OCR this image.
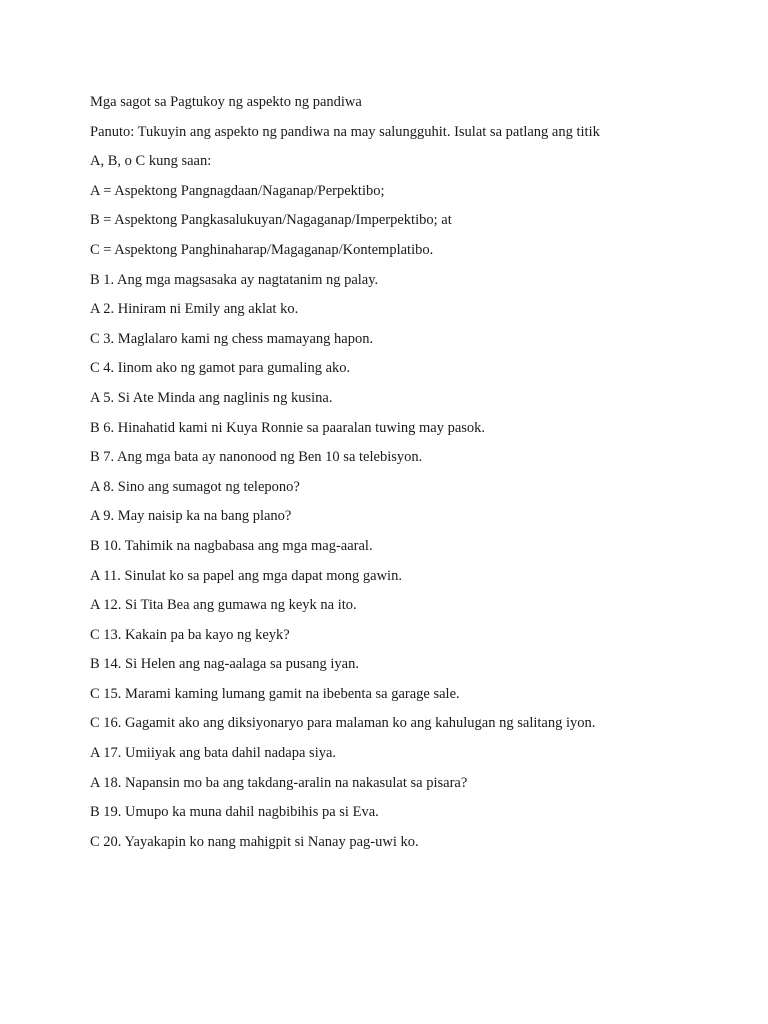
Mga sagot sa Pagtukoy ng aspekto ng pandiwa
Panuto: Tukuyin ang aspekto ng pandiwa na may salungguhit. Isulat sa patlang ang titik
A, B, o C kung saan:
A = Aspektong Pangnagdaan/Naganap/Perpektibo;
B = Aspektong Pangkasalukuyan/Nagaganap/Imperpektibo; at
C = Aspektong Panghinaharap/Magaganap/Kontemplatibo.
B 1. Ang mga magsasaka ay nagtatanim ng palay.
A 2. Hiniram ni Emily ang aklat ko.
C 3. Maglalaro kami ng chess mamayang hapon.
C 4. Iinom ako ng gamot para gumaling ako.
A 5. Si Ate Minda ang naglinis ng kusina.
B 6. Hinahatid kami ni Kuya Ronnie sa paaralan tuwing may pasok.
B 7. Ang mga bata ay nanonood ng Ben 10 sa telebisyon.
A 8. Sino ang sumagot ng telepono?
A 9. May naisip ka na bang plano?
B 10. Tahimik na nagbabasa ang mga mag-aaral.
A 11. Sinulat ko sa papel ang mga dapat mong gawin.
A 12. Si Tita Bea ang gumawa ng keyk na ito.
C 13. Kakain pa ba kayo ng keyk?
B 14. Si Helen ang nag-aalaga sa pusang iyan.
C 15. Marami kaming lumang gamit na ibebenta sa garage sale.
C 16. Gagamit ako ang diksiyonaryo para malaman ko ang kahulugan ng salitang iyon.
A 17. Umiiyak ang bata dahil nadapa siya.
A 18. Napansin mo ba ang takdang-aralin na nakasulat sa pisara?
B 19. Umupo ka muna dahil nagbibihis pa si Eva.
C 20. Yayakapin ko nang mahigpit si Nanay pag-uwi ko.
